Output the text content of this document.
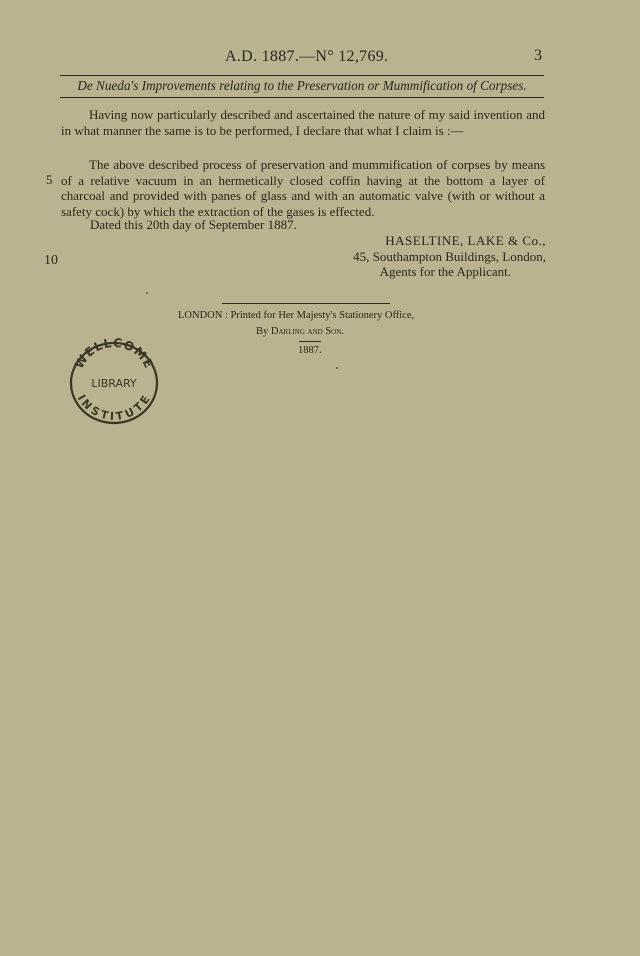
A.D. 1887.—N° 12,769.	3
De Nueda's Improvements relating to the Preservation or Mummification of Corpses.

Having now particularly described and ascertained the nature of my said invention and in what manner the same is to be performed, I declare that what I claim is :—

5

The above described process of preservation and mummification of corpses by means of a relative vacuum in an hermetically closed coffin having at the bottom a layer of charcoal and provided with panes of glass and with an automatic valve (with or without a safety cock) by which the extraction of the gases is effected.

Dated this 20th day of September 1887.
10
HASELTINE, LAKE & Co.,
45, Southampton Buildings, London,
Agents for the Applicant.
LONDON : Printed for Her Majesty's Stationery Office,
By Darling and Son.
1887.
WELLCOME
LIBRARY
INSTITUTE
